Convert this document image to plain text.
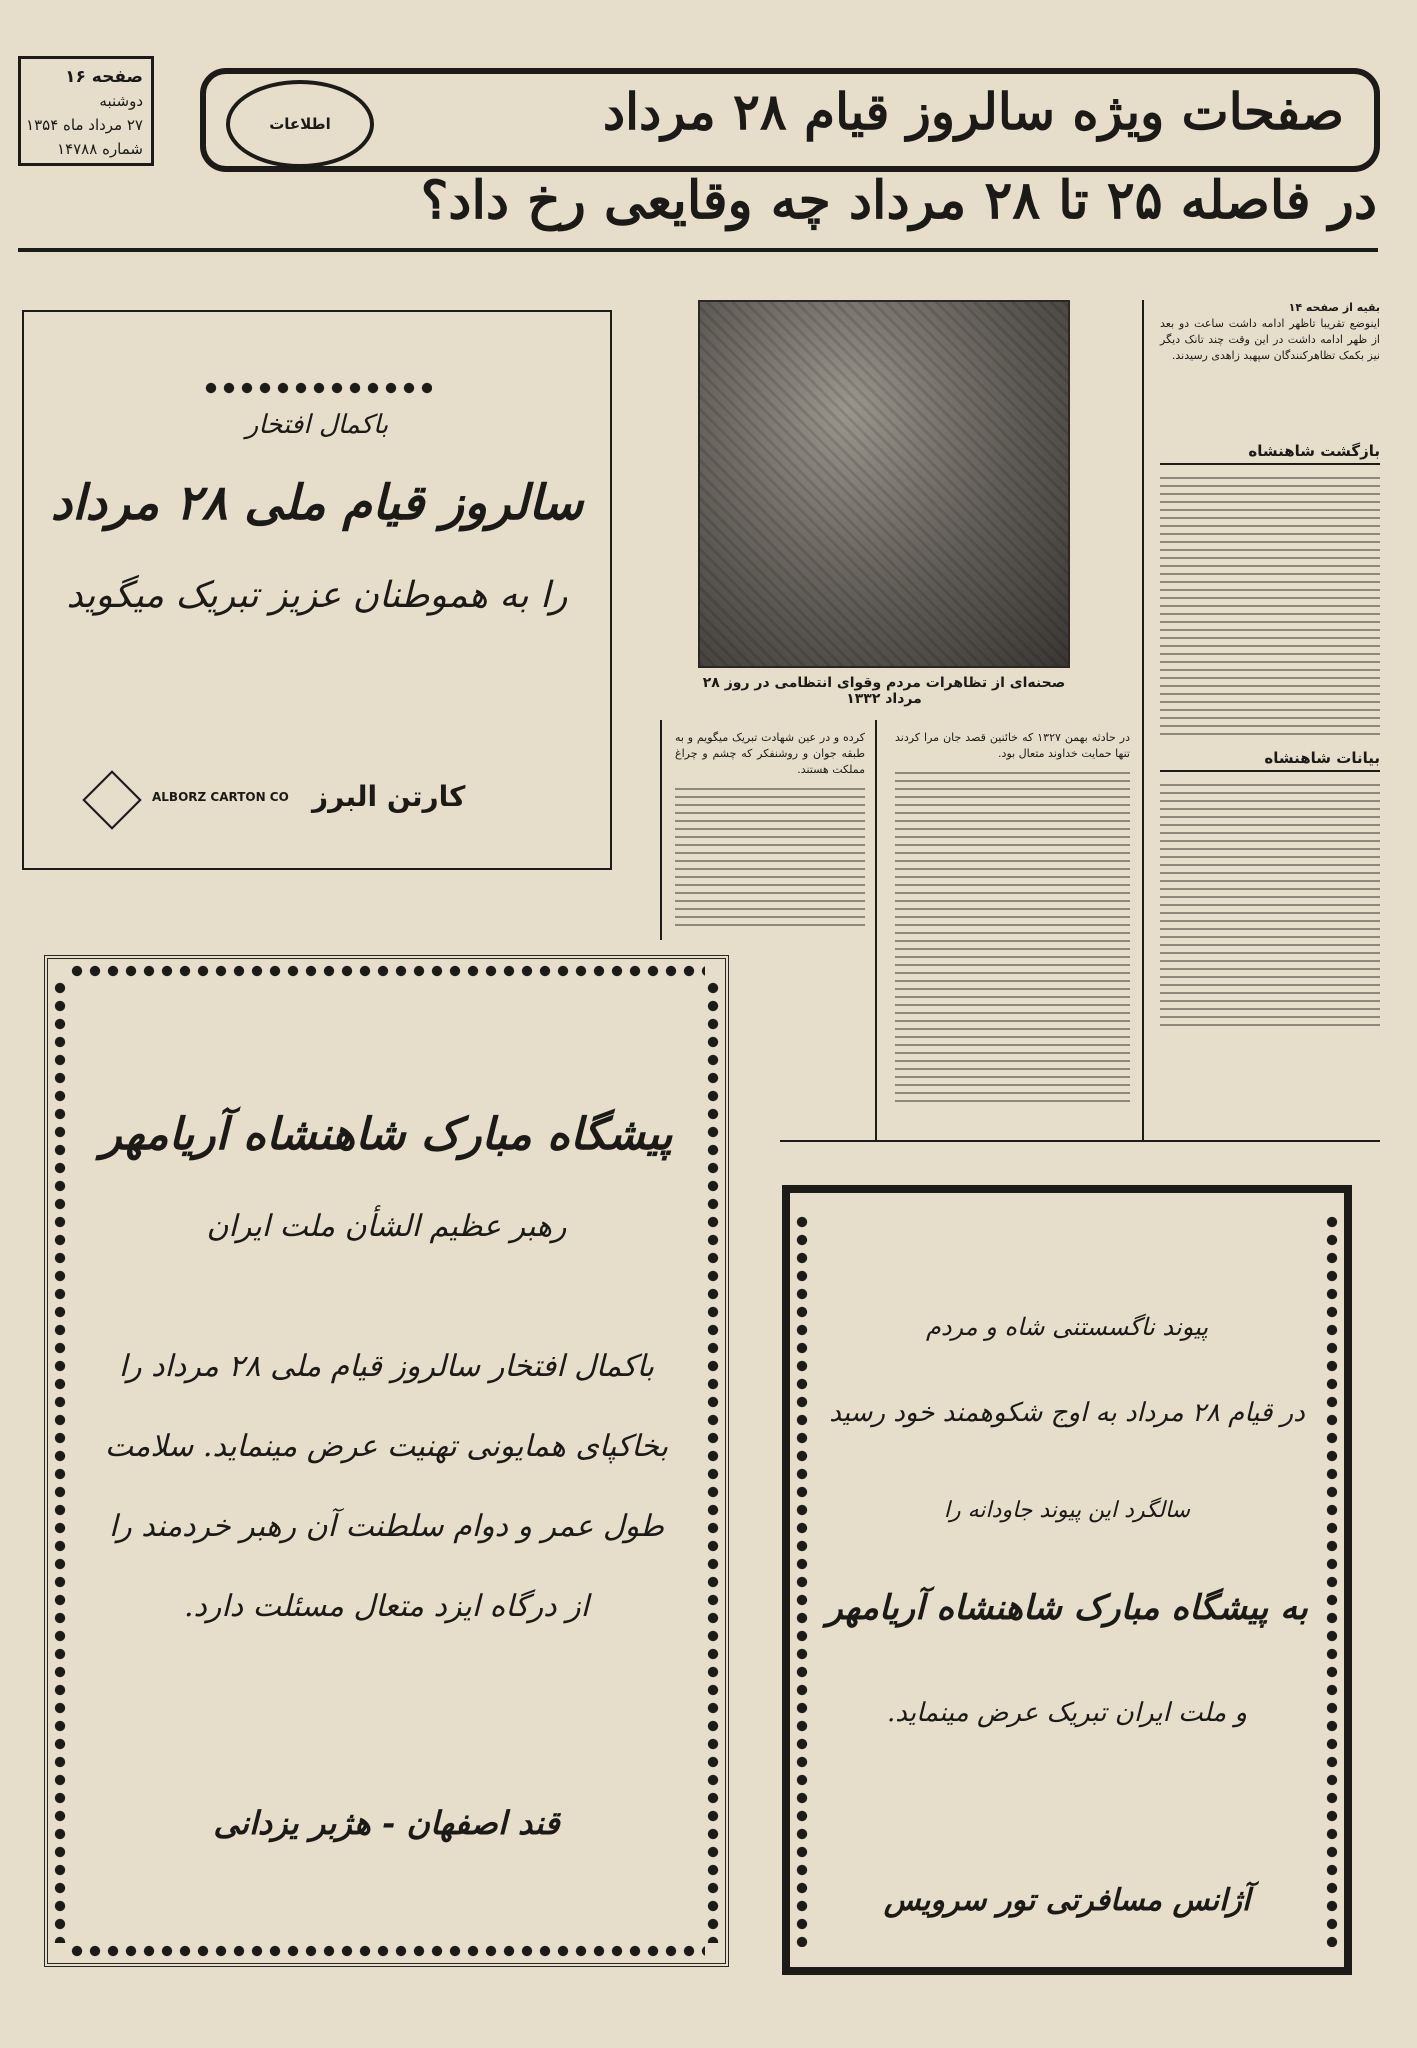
صفحه ۱۶
دوشنبه
۲۷ مرداد ماه ۱۳۵۴
شماره ۱۴۷۸۸
صفحات ویژه سالروز قیام ۲۸ مرداد
اطلاعات
در فاصله ۲۵ تا ۲۸ مرداد چه وقایعی رخ داد؟
صحنه‌ای از تظاهرات مردم وقوای انتظامی در روز ۲۸ مرداد ۱۳۳۲
بقیه از صفحه ۱۴
اینوضع تقریبا تاظهر ادامه داشت ساعت دو بعد از ظهر ادامه داشت در این وقت چند تانک دیگر نیز بکمک تظاهرکنندگان سپهبد زاهدی رسیدند.
بازگشت شاهنشاه
بیانات شاهنشاه
در حادثه بهمن ۱۳۲۷ که خائنین قصد جان مرا کردند تنها حمایت خداوند متعال بود.
کرده و در عین شهادت تبریک میگویم و به طبقه جوان و روشنفکر که چشم و چراغ مملکت هستند.
باکمال افتخار
سالروز قیام ملی ۲۸ مرداد
را به هموطنان عزیز تبریک میگوید
ALBORZ CARTON CO کارتن البرز
پیشگاه مبارک شاهنشاه آریامهر
رهبر عظیم الشأن ملت ایران
باکمال افتخار سالروز قیام ملی ۲۸ مرداد را
بخاکپای همایونی تهنیت عرض مینماید. سلامت
طول عمر و دوام سلطنت آن رهبر خردمند را
از درگاه ایزد متعال مسئلت دارد.
قند اصفهان - هژبر یزدانی
پیوند ناگسستنی شاه و مردم
در قیام ۲۸ مرداد به اوج شکوهمند خود رسید
سالگرد این پیوند جاودانه را
به پیشگاه مبارک شاهنشاه آریامهر
و ملت ایران تبریک عرض مینماید.
آژانس مسافرتی تور سرویس
